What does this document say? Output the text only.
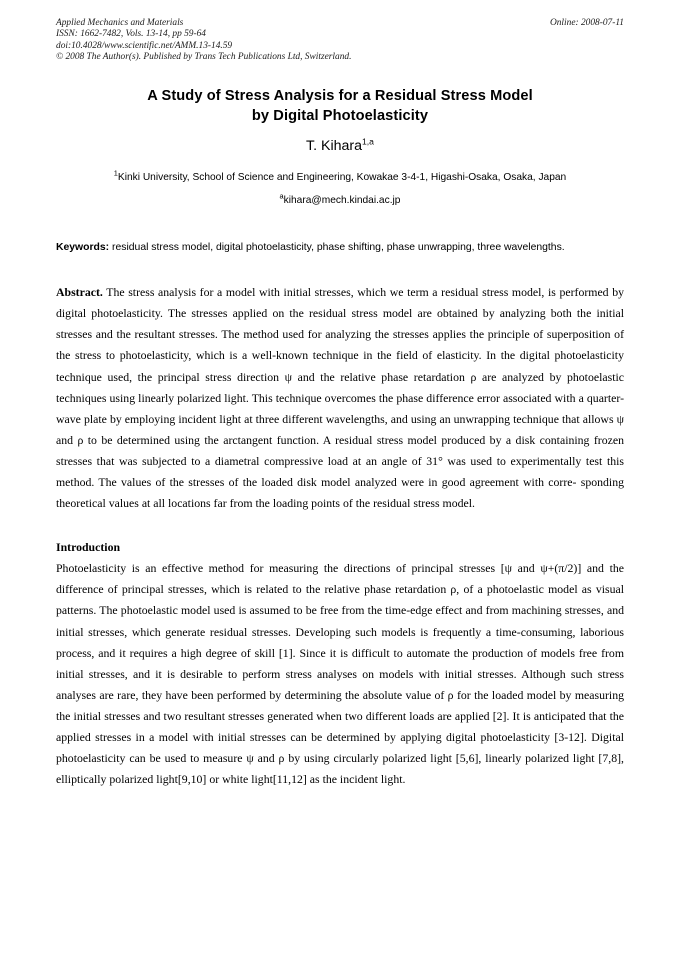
Applied Mechanics and Materials	Online: 2008-07-11
ISSN: 1662-7482, Vols. 13-14, pp 59-64
doi:10.4028/www.scientific.net/AMM.13-14.59
© 2008 The Author(s). Published by Trans Tech Publications Ltd, Switzerland.
A Study of Stress Analysis for a Residual Stress Model
by Digital Photoelasticity
T. Kihara$^{1,a}$
$^1$Kinki University, School of Science and Engineering, Kowakae 3-4-1, Higashi-Osaka, Osaka, Japan
$^a$kihara@mech.kindai.ac.jp
Keywords: residual stress model, digital photoelasticity, phase shifting, phase unwrapping, three wavelengths.
Abstract. The stress analysis for a model with initial stresses, which we term a residual stress model, is performed by digital photoelasticity. The stresses applied on the residual stress model are obtained by analyzing both the initial stresses and the resultant stresses. The method used for analyzing the stresses applies the principle of superposition of the stress to photoelasticity, which is a well-known technique in the field of elasticity. In the digital photoelasticity technique used, the principal stress direction ψ and the relative phase retardation ρ are analyzed by photoelastic techniques using linearly polarized light. This technique overcomes the phase difference error associated with a quarter-wave plate by employing incident light at three different wavelengths, and using an unwrapping technique that allows ψ and ρ to be determined using the arctangent function. A residual stress model produced by a disk containing frozen stresses that was subjected to a diametral compressive load at an angle of 31° was used to experimentally test this method. The values of the stresses of the loaded disk model analyzed were in good agreement with corre- sponding theoretical values at all locations far from the loading points of the residual stress model.
Introduction
Photoelasticity is an effective method for measuring the directions of principal stresses [ψ and ψ+(π/2)] and the difference of principal stresses, which is related to the relative phase retardation ρ, of a photoelastic model as visual patterns. The photoelastic model used is assumed to be free from the time-edge effect and from machining stresses, and initial stresses, which generate residual stresses. Developing such models is frequently a time-consuming, laborious process, and it requires a high degree of skill [1]. Since it is difficult to automate the production of models free from initial stresses, and it is desirable to perform stress analyses on models with initial stresses. Although such stress analyses are rare, they have been performed by determining the absolute value of ρ for the loaded model by measuring the initial stresses and two resultant stresses generated when two different loads are applied [2]. It is anticipated that the applied stresses in a model with initial stresses can be determined by applying digital photoelasticity [3-12]. Digital photoelasticity can be used to measure ψ and ρ by using circularly polarized light [5,6], linearly polarized light [7,8], elliptically polarized light[9,10] or white light[11,12] as the incident light.
